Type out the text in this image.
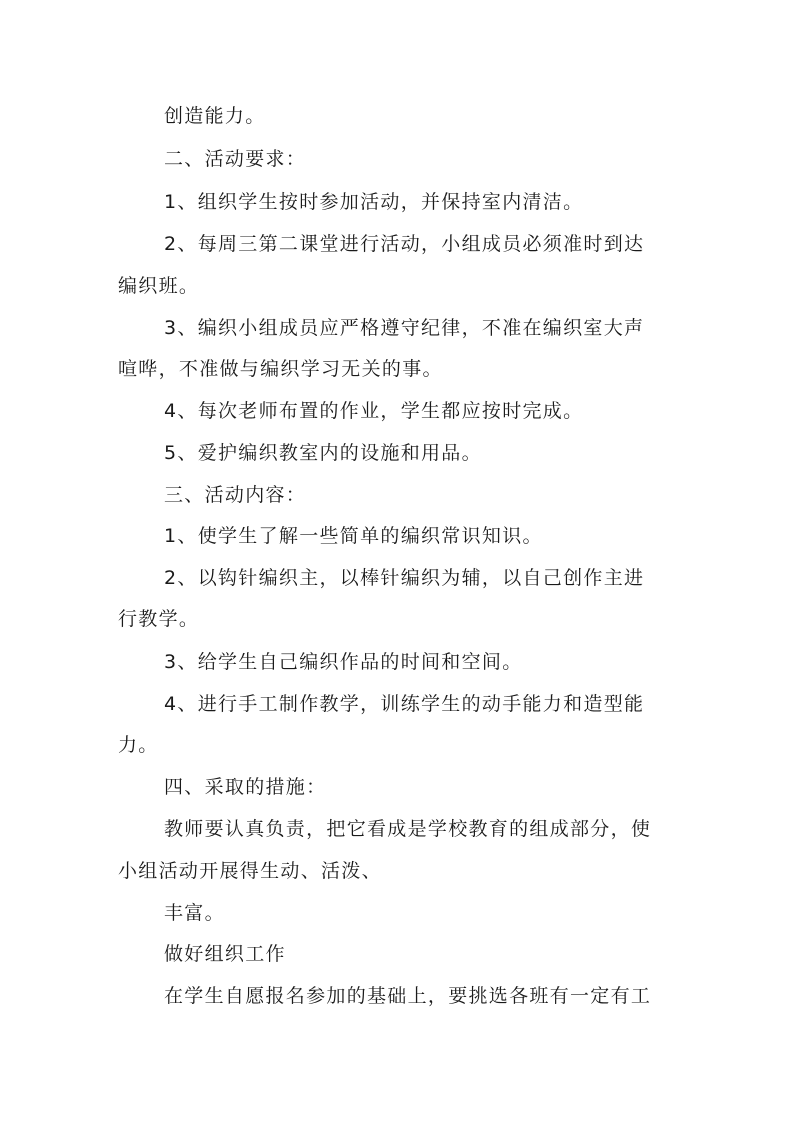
创造能力。
二、活动要求：
1、组织学生按时参加活动，并保持室内清洁。
2、每周三第二课堂进行活动，小组成员必须准时到达
编织班。
3、编织小组成员应严格遵守纪律，不准在编织室大声
喧哗，不准做与编织学习无关的事。
4、每次老师布置的作业，学生都应按时完成。
5、爱护编织教室内的设施和用品。
三、活动内容：
1、使学生了解一些简单的编织常识知识。
2、以钩针编织主，以棒针编织为辅，以自己创作主进
行教学。
3、给学生自己编织作品的时间和空间。
4、进行手工制作教学，训练学生的动手能力和造型能
力。
四、采取的措施：
教师要认真负责，把它看成是学校教育的组成部分，使
小组活动开展得生动、活泼、
丰富。
做好组织工作
在学生自愿报名参加的基础上，要挑选各班有一定有工
